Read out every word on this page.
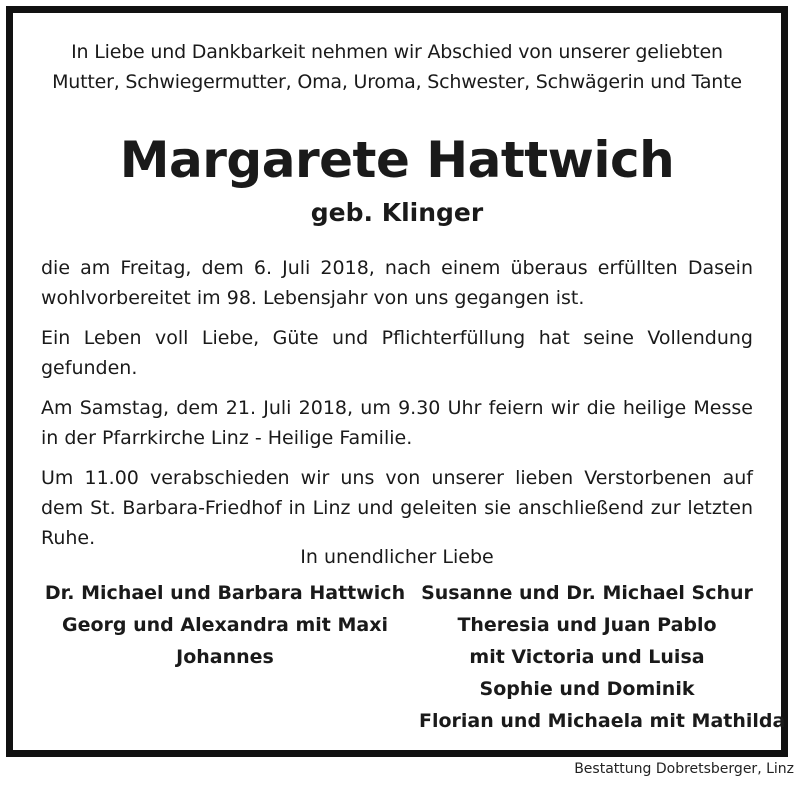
In Liebe und Dankbarkeit nehmen wir Abschied von unserer geliebten
Mutter, Schwiegermutter, Oma, Uroma, Schwester, Schwägerin und Tante
Margarete Hattwich
geb. Klinger

die am Freitag, dem 6. Juli 2018, nach einem überaus erfüllten Dasein wohlvorbereitet im 98. Lebensjahr von uns gegangen ist.

Ein Leben voll Liebe, Güte und Pflichterfüllung hat seine Vollendung gefunden.

Am Samstag, dem 21. Juli 2018, um 9.30 Uhr feiern wir die heilige Messe in der Pfarrkirche Linz - Heilige Familie.

Um 11.00 verabschieden wir uns von unserer lieben Verstorbenen auf dem St. Barbara-Friedhof in Linz und geleiten sie anschließend zur letzten Ruhe.

In unendlicher Liebe
Dr. Michael und Barbara Hattwich
Georg und Alexandra mit Maxi
Johannes
Susanne und Dr. Michael Schur
Theresia und Juan Pablo
mit Victoria und Luisa
Sophie und Dominik
Florian und Michaela mit Mathilda
Bestattung Dobretsberger, Linz
